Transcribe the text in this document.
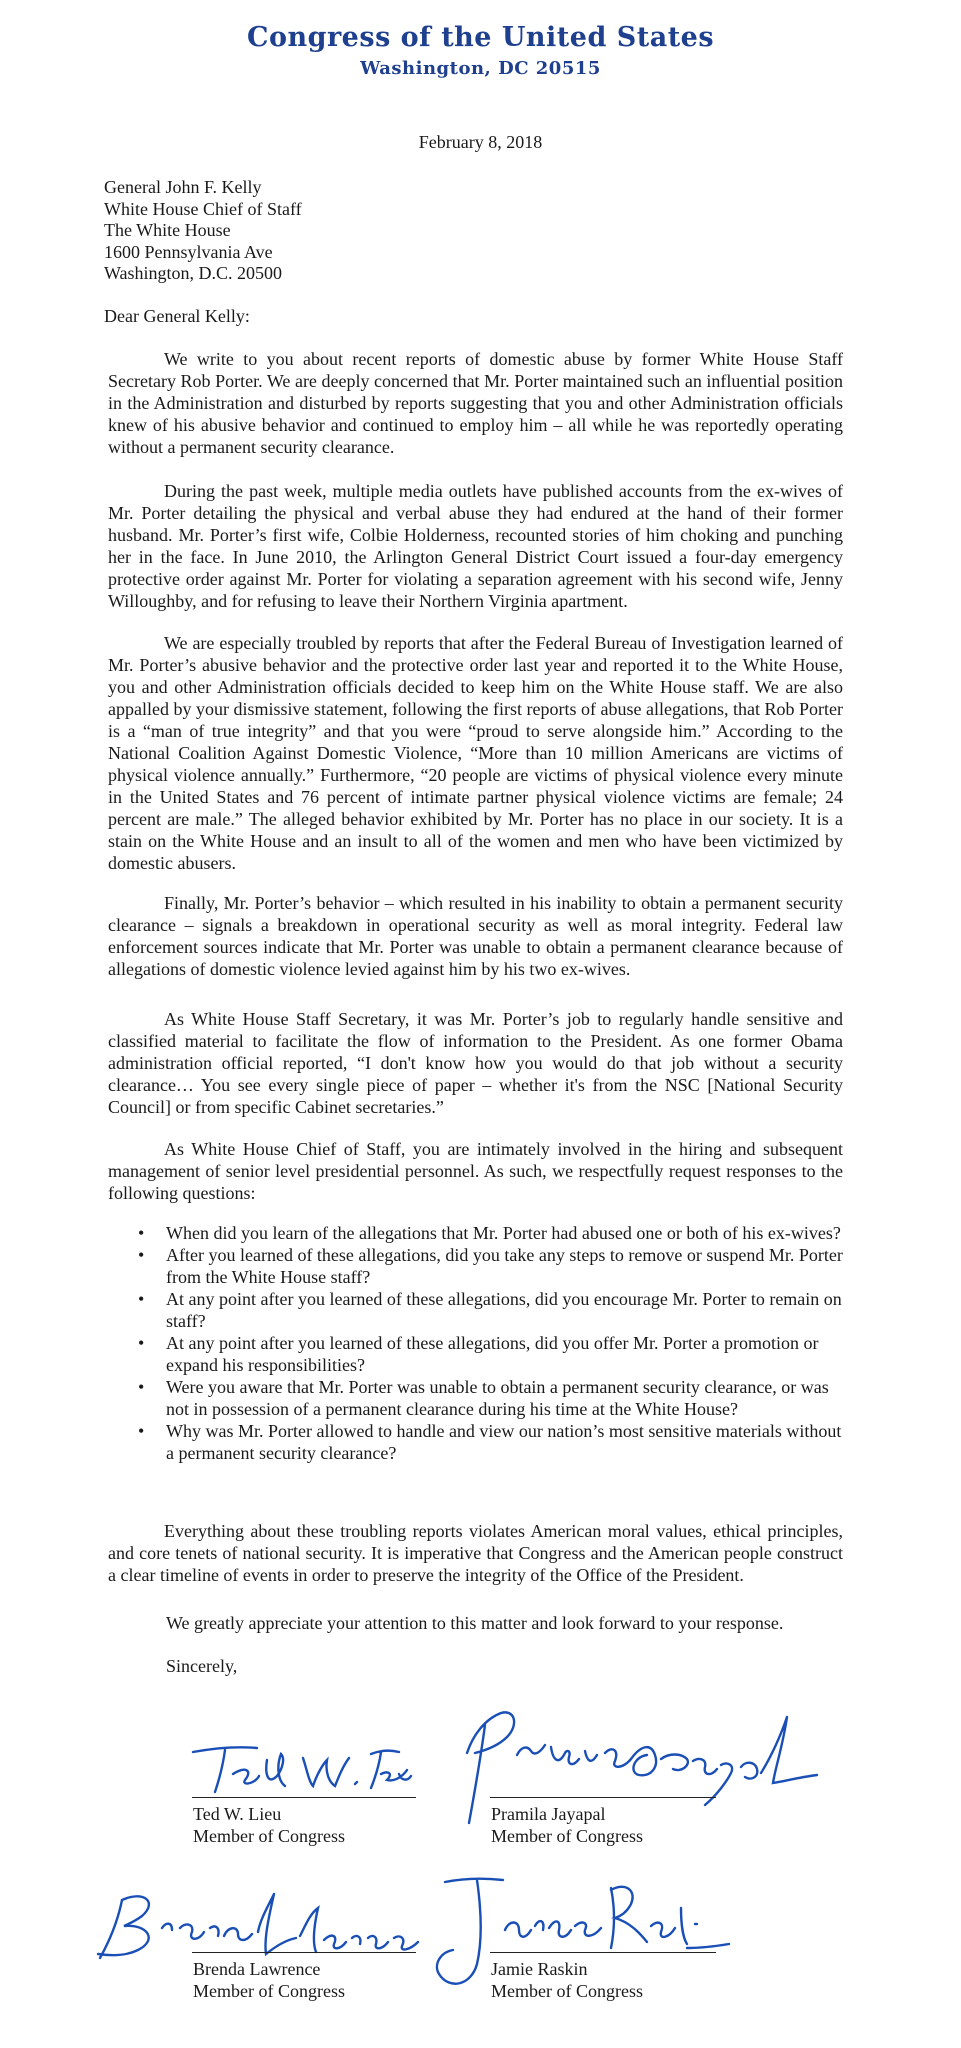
Congress of the United States
Washington, DC 20515
February 8, 2018
General John F. Kelly
White House Chief of Staff
The White House
1600 Pennsylvania Ave
Washington, D.C. 20500
Dear General Kelly:

We write to you about recent reports of domestic abuse by former White House Staff Secretary Rob Porter. We are deeply concerned that Mr. Porter maintained such an influential position in the Administration and disturbed by reports suggesting that you and other Administration officials knew of his abusive behavior and continued to employ him – all while he was reportedly operating without a permanent security clearance.

During the past week, multiple media outlets have published accounts from the ex-wives of Mr. Porter detailing the physical and verbal abuse they had endured at the hand of their former husband. Mr. Porter’s first wife, Colbie Holderness, recounted stories of him choking and punching her in the face. In June 2010, the Arlington General District Court issued a four-day emergency protective order against Mr. Porter for violating a separation agreement with his second wife, Jenny Willoughby, and for refusing to leave their Northern Virginia apartment.

We are especially troubled by reports that after the Federal Bureau of Investigation learned of Mr. Porter’s abusive behavior and the protective order last year and reported it to the White House, you and other Administration officials decided to keep him on the White House staff. We are also appalled by your dismissive statement, following the first reports of abuse allegations, that Rob Porter is a “man of true integrity” and that you were “proud to serve alongside him.” According to the National Coalition Against Domestic Violence, “More than 10 million Americans are victims of physical violence annually.” Furthermore, “20 people are victims of physical violence every minute in the United States and 76 percent of intimate partner physical violence victims are female; 24 percent are male.” The alleged behavior exhibited by Mr. Porter has no place in our society. It is a stain on the White House and an insult to all of the women and men who have been victimized by domestic abusers.

Finally, Mr. Porter’s behavior – which resulted in his inability to obtain a permanent security clearance – signals a breakdown in operational security as well as moral integrity. Federal law enforcement sources indicate that Mr. Porter was unable to obtain a permanent clearance because of allegations of domestic violence levied against him by his two ex-wives.

As White House Staff Secretary, it was Mr. Porter’s job to regularly handle sensitive and classified material to facilitate the flow of information to the President. As one former Obama administration official reported, “I don't know how you would do that job without a security clearance… You see every single piece of paper – whether it's from the NSC [National Security Council] or from specific Cabinet secretaries.”

As White House Chief of Staff, you are intimately involved in the hiring and subsequent management of senior level presidential personnel. As such, we respectfully request responses to the following questions:

• When did you learn of the allegations that Mr. Porter had abused one or both of his ex-wives?
• After you learned of these allegations, did you take any steps to remove or suspend Mr. Porter from the White House staff?
• At any point after you learned of these allegations, did you encourage Mr. Porter to remain on staff?
• At any point after you learned of these allegations, did you offer Mr. Porter a promotion or expand his responsibilities?
• Were you aware that Mr. Porter was unable to obtain a permanent security clearance, or was not in possession of a permanent clearance during his time at the White House?
• Why was Mr. Porter allowed to handle and view our nation’s most sensitive materials without a permanent security clearance?

Everything about these troubling reports violates American moral values, ethical principles, and core tenets of national security. It is imperative that Congress and the American people construct a clear timeline of events in order to preserve the integrity of the Office of the President.

We greatly appreciate your attention to this matter and look forward to your response.
Sincerely,
Ted W. Lieu
Member of Congress
Pramila Jayapal
Member of Congress
Brenda Lawrence
Member of Congress
Jamie Raskin
Member of Congress
